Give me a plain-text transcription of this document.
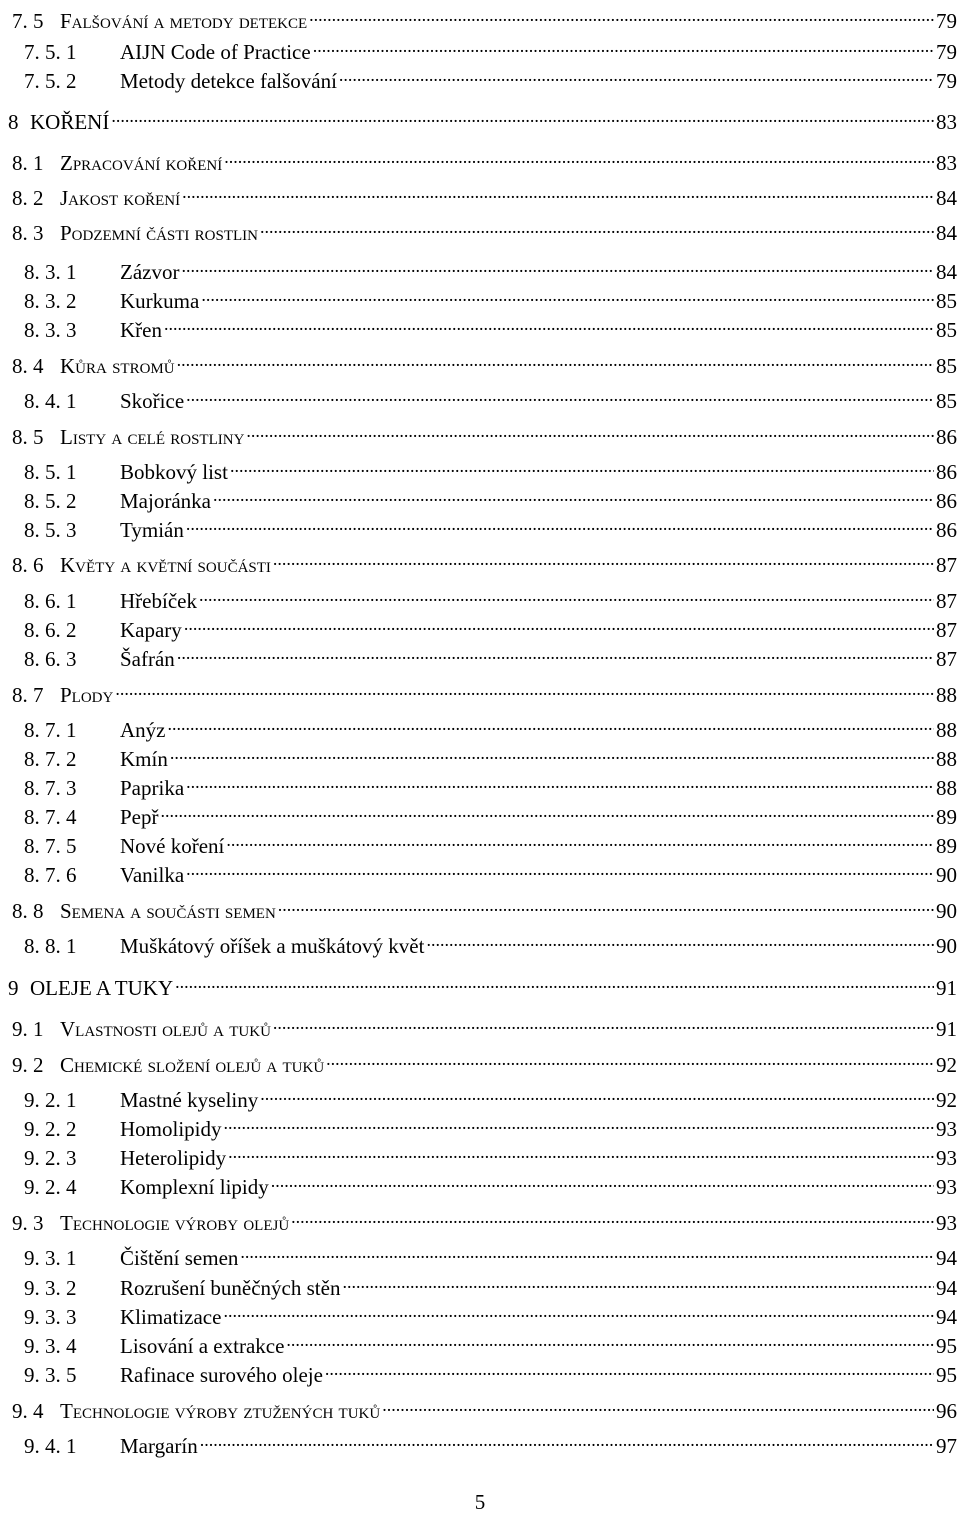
7. 5 Falšování a metody detekce .....	79
7. 5. 1	AIJN Code of Practice .....	79
7. 5. 2	Metody detekce falšování .....	79
8 KOŘENÍ .....	83
8. 1 Zpracování koření .....	83
8. 2 Jakost koření .....	84
8. 3 Podzemní části rostlin .....	84
8. 3. 1	Zázvor .....	84
8. 3. 2	Kurkuma .....	85
8. 3. 3	Křen .....	85
8. 4 Kůra stromů .....	85
8. 4. 1	Skořice .....	85
8. 5 Listy a celé rostliny .....	86
8. 5. 1	Bobkový list .....	86
8. 5. 2	Majoránka .....	86
8. 5. 3	Tymián .....	86
8. 6 Květy a květní součásti .....	87
8. 6. 1	Hřebíček .....	87
8. 6. 2	Kapary .....	87
8. 6. 3	Šafrán .....	87
8. 7 Plody .....	88
8. 7. 1	Anýz .....	88
8. 7. 2	Kmín .....	88
8. 7. 3	Paprika .....	88
8. 7. 4	Pepř .....	89
8. 7. 5	Nové koření .....	89
8. 7. 6	Vanilka .....	90
8. 8 Semena a součásti semen .....	90
8. 8. 1	Muškátový oříšek a muškátový květ .....	90
9 OLEJE A TUKY .....	91
9. 1 Vlastnosti olejů a tuků .....	91
9. 2 Chemické složení olejů a tuků .....	92
9. 2. 1	Mastné kyseliny .....	92
9. 2. 2	Homolipidy .....	93
9. 2. 3	Heterolipidy .....	93
9. 2. 4	Komplexní lipidy .....	93
9. 3 Technologie výroby olejů .....	93
9. 3. 1	Čištění semen .....	94
9. 3. 2	Rozrušení buněčných stěn .....	94
9. 3. 3	Klimatizace .....	94
9. 3. 4	Lisování a extrakce .....	95
9. 3. 5	Rafinace surového oleje .....	95
9. 4 Technologie výroby ztužených tuků .....	96
9. 4. 1	Margarín .....	97
5
